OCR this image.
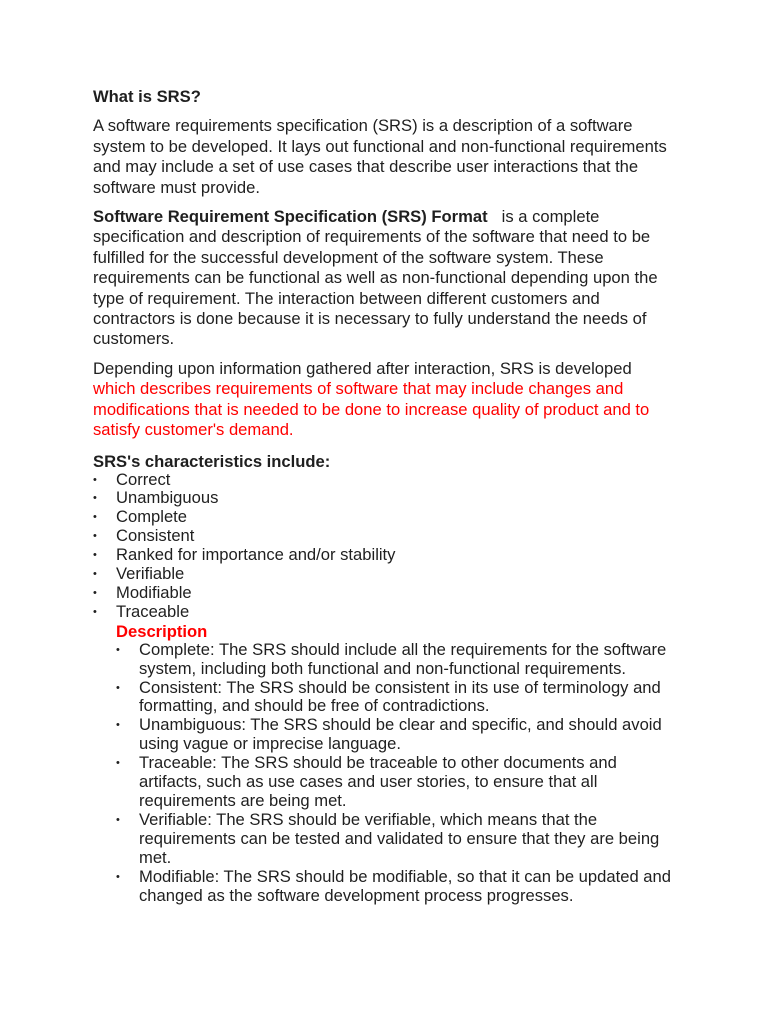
What is SRS?

A software requirements specification (SRS) is a description of a software system to be developed. It lays out functional and non-functional requirements and may include a set of use cases that describe user interactions that the software must provide.

Software Requirement Specification (SRS) Format is a complete specification and description of requirements of the software that need to be fulfilled for the successful development of the software system. These requirements can be functional as well as non-functional depending upon the type of requirement. The interaction between different customers and contractors is done because it is necessary to fully understand the needs of customers.

Depending upon information gathered after interaction, SRS is developed which describes requirements of software that may include changes and modifications that is needed to be done to increase quality of product and to satisfy customer's demand.

SRS's characteristics include:
• Correct
• Unambiguous
• Complete
• Consistent
• Ranked for importance and/or stability
• Verifiable
• Modifiable
• Traceable
Description
• Complete: The SRS should include all the requirements for the software system, including both functional and non-functional requirements.
• Consistent: The SRS should be consistent in its use of terminology and formatting, and should be free of contradictions.
• Unambiguous: The SRS should be clear and specific, and should avoid using vague or imprecise language.
• Traceable: The SRS should be traceable to other documents and artifacts, such as use cases and user stories, to ensure that all requirements are being met.
• Verifiable: The SRS should be verifiable, which means that the requirements can be tested and validated to ensure that they are being met.
• Modifiable: The SRS should be modifiable, so that it can be updated and changed as the software development process progresses.
